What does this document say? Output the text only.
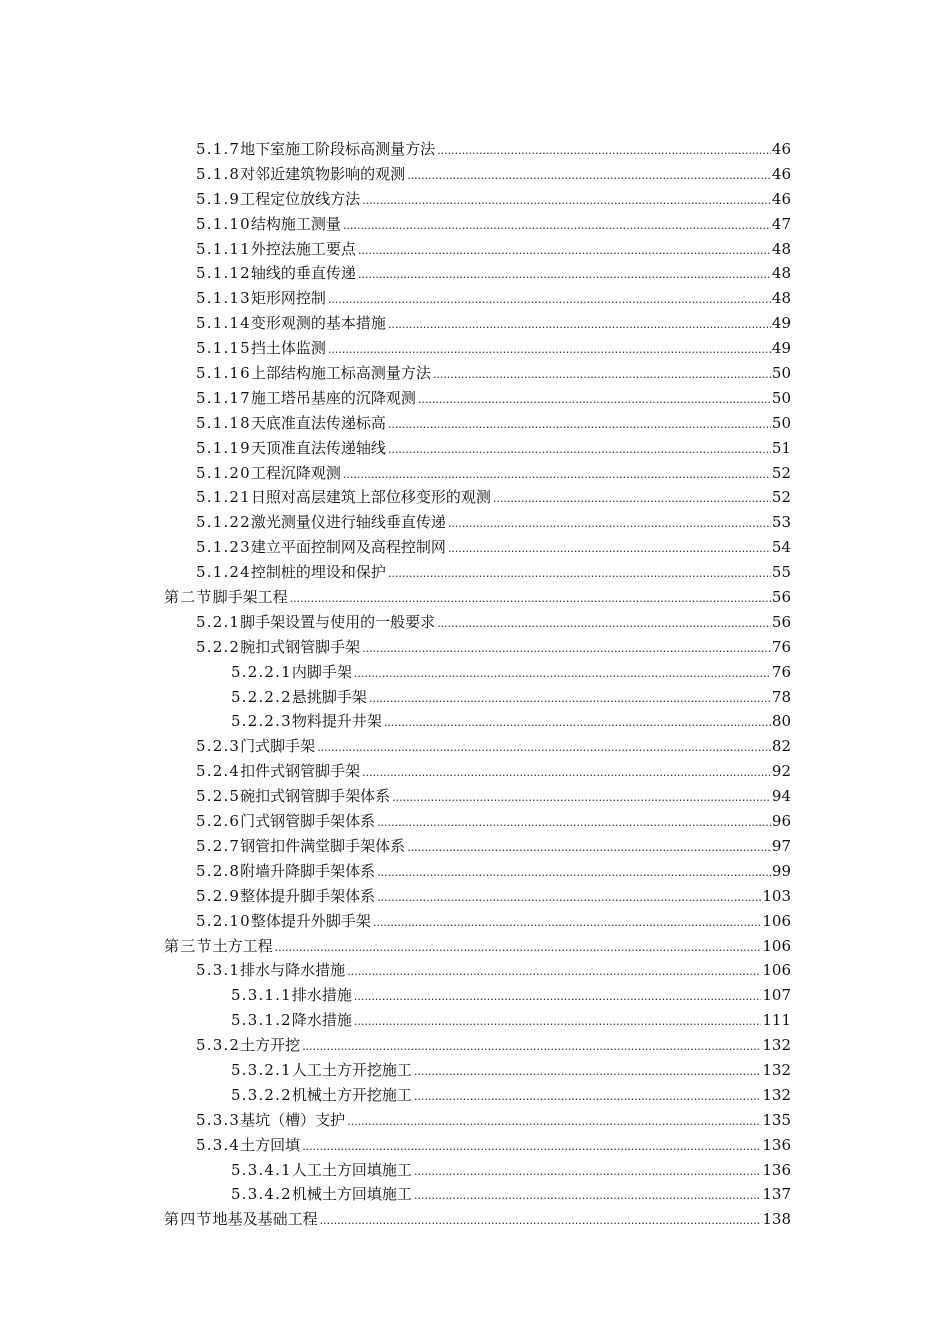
5.1.7 地下室施工阶段标高测量方法 .....	46
5.1.8 对邻近建筑物影响的观测 .....	46
5.1.9 工程定位放线方法 .....	46
5.1.10 结构施工测量 .....	47
5.1.11 外控法施工要点 .....	48
5.1.12 轴线的垂直传递 .....	48
5.1.13 矩形网控制 .....	48
5.1.14 变形观测的基本措施 .....	49
5.1.15 挡土体监测 .....	49
5.1.16 上部结构施工标高测量方法 .....	50
5.1.17 施工塔吊基座的沉降观测 .....	50
5.1.18 天底准直法传递标高 .....	50
5.1.19 天顶准直法传递轴线 .....	51
5.1.20 工程沉降观测 .....	52
5.1.21 日照对高层建筑上部位移变形的观测 .....	52
5.1.22 激光测量仪进行轴线垂直传递 .....	53
5.1.23 建立平面控制网及高程控制网 .....	54
5.1.24 控制桩的埋设和保护 .....	55
第二节 脚手架工程 .....	56
5.2.1 脚手架设置与使用的一般要求 .....	56
5.2.2 腕扣式钢管脚手架 .....	76
5.2.2.1 内脚手架 .....	76
5.2.2.2 悬挑脚手架 .....	78
5.2.2.3 物料提升井架 .....	80
5.2.3 门式脚手架 .....	82
5.2.4 扣件式钢管脚手架 .....	92
5.2.5 碗扣式钢管脚手架体系 .....	94
5.2.6 门式钢管脚手架体系 .....	96
5.2.7 钢管扣件满堂脚手架体系 .....	97
5.2.8 附墙升降脚手架体系 .....	99
5.2.9 整体提升脚手架体系 .....	103
5.2.10 整体提升外脚手架 .....	106
第三节 土方工程 .....	106
5.3.1 排水与降水措施 .....	106
5.3.1.1 排水措施 .....	107
5.3.1.2 降水措施 .....	111
5.3.2 土方开挖 .....	132
5.3.2.1 人工土方开挖施工 .....	132
5.3.2.2 机械土方开挖施工 .....	132
5.3.3 基坑（槽）支护 .....	135
5.3.4 土方回填 .....	136
5.3.4.1 人工土方回填施工 .....	136
5.3.4.2 机械土方回填施工 .....	137
第四节 地基及基础工程 .....	138
